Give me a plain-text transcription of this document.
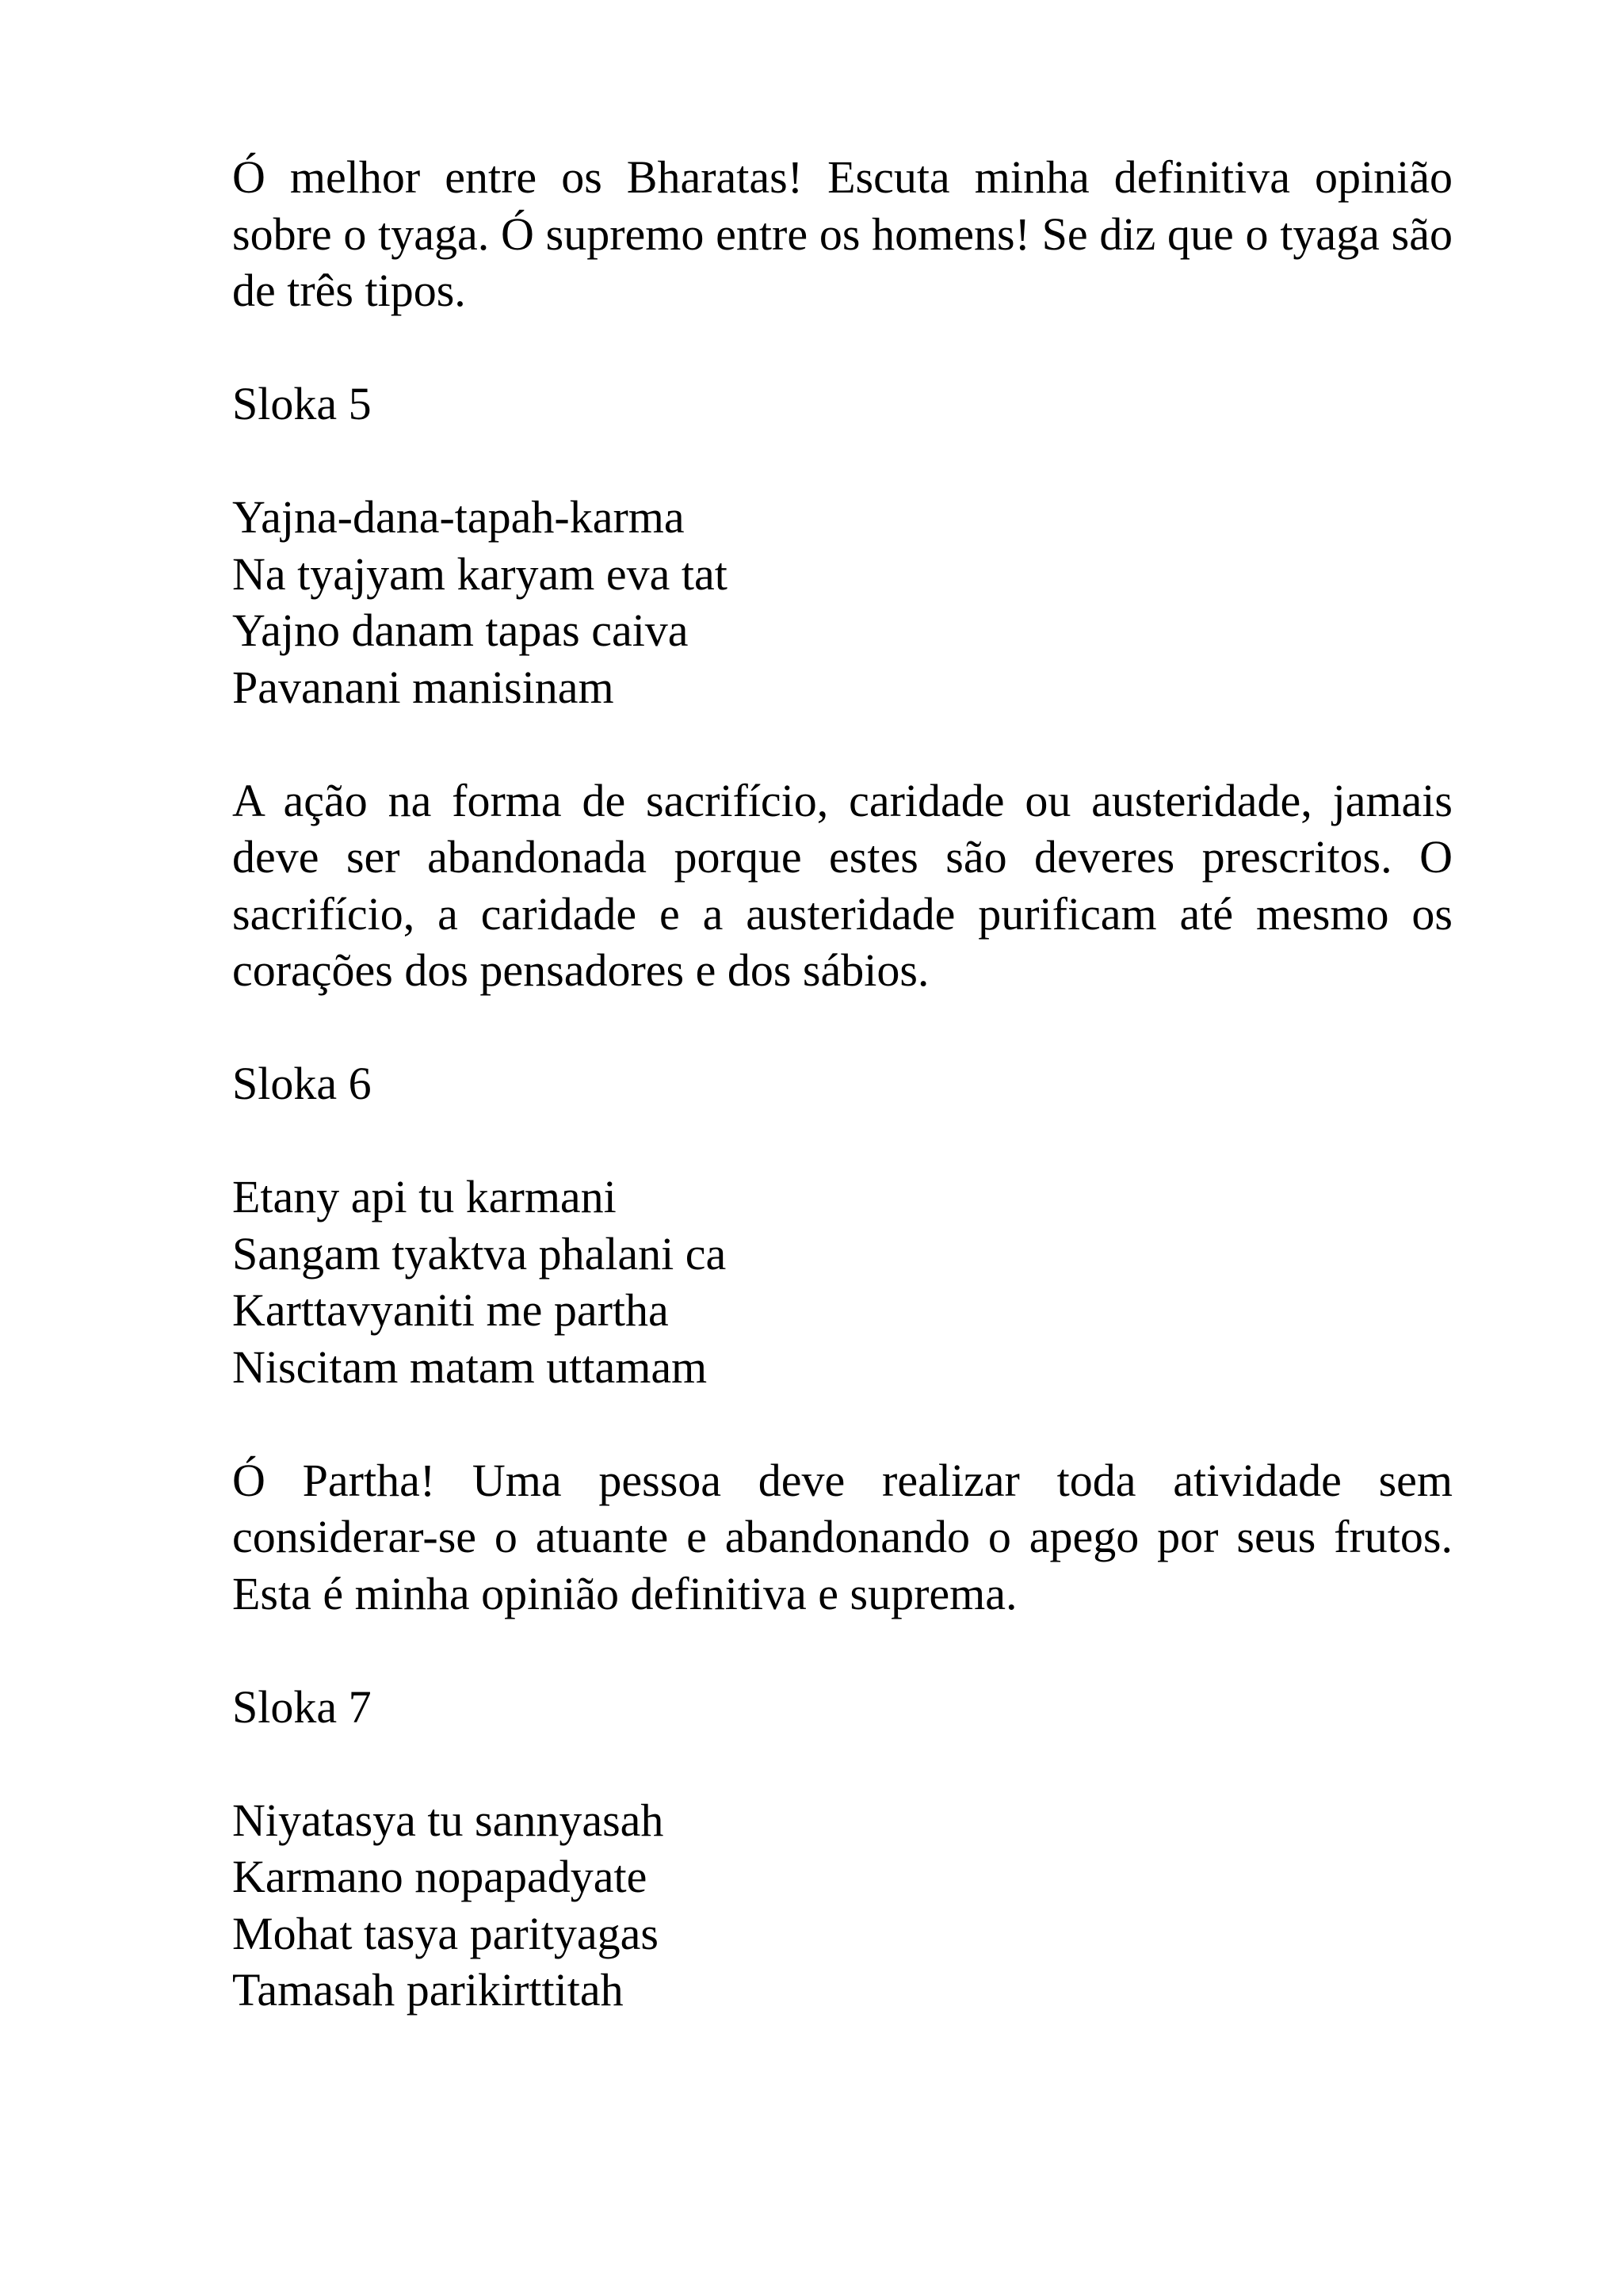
Ó melhor entre os Bharatas! Escuta minha definitiva opinião sobre o tyaga. Ó supremo entre os homens! Se diz que o tyaga são de três tipos.

Sloka 5

Yajna-dana-tapah-karma
Na tyajyam karyam eva tat
Yajno danam tapas caiva
Pavanani manisinam

A ação na forma de sacrifício, caridade ou austeridade, jamais deve ser abandonada porque estes são deveres prescritos. O sacrifício, a caridade e a austeridade purificam até mesmo os corações dos pensadores e dos sábios.

Sloka 6

Etany api tu karmani
Sangam tyaktva phalani ca
Karttavyaniti me partha
Niscitam matam uttamam

Ó Partha! Uma pessoa deve realizar toda atividade sem considerar-se o atuante e abandonando o apego por seus frutos. Esta é minha opinião definitiva e suprema.

Sloka 7

Niyatasya tu sannyasah
Karmano nopapadyate
Mohat tasya parityagas
Tamasah parikirttitah
